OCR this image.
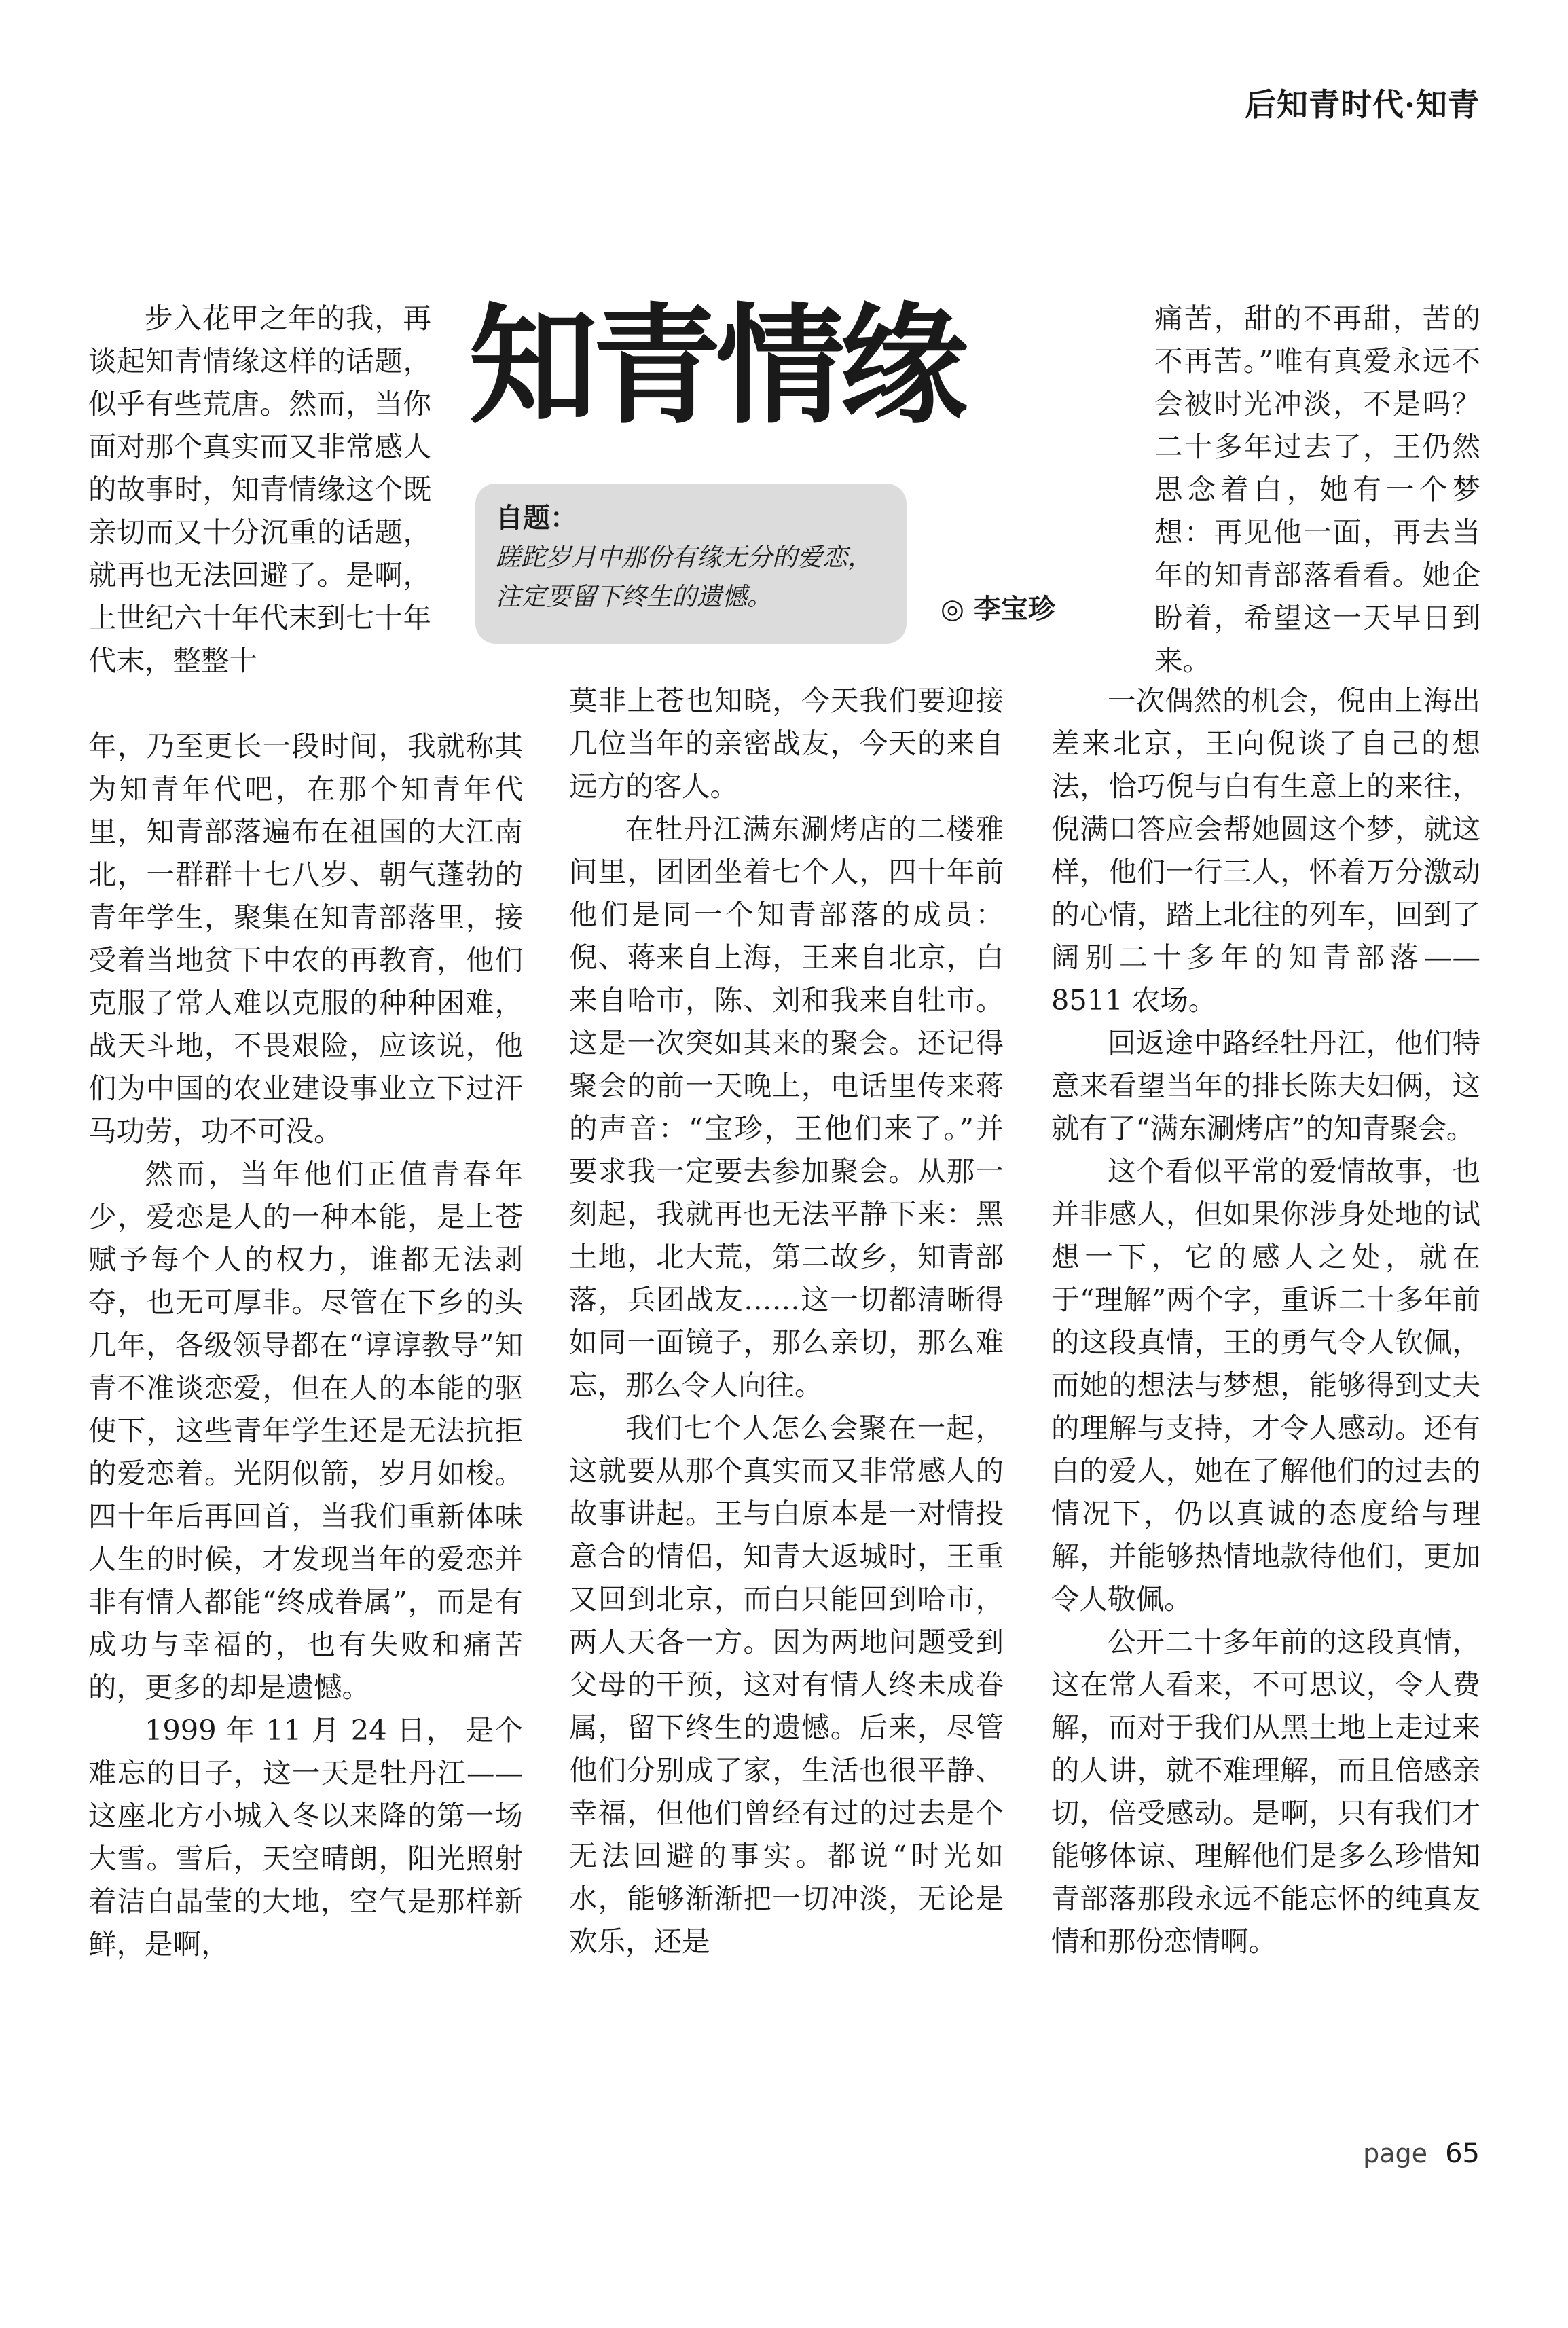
后知青时代·知青
知青情缘
自题：
蹉跎岁月中那份有缘无分的爱恋，注定要留下终生的遗憾。	◎ 李宝珍

步入花甲之年的我，再谈起知青情缘这样的话题，似乎有些荒唐。然而，当你面对那个真实而又非常感人的故事时，知青情缘这个既亲切而又十分沉重的话题，就再也无法回避了。是啊，上世纪六十年代末到七十年代末，整整十

年，乃至更长一段时间，我就称其为知青年代吧，在那个知青年代里，知青部落遍布在祖国的大江南北，一群群十七八岁、朝气蓬勃的青年学生，聚集在知青部落里，接受着当地贫下中农的再教育，他们克服了常人难以克服的种种困难，战天斗地，不畏艰险，应该说，他们为中国的农业建设事业立下过汗马功劳，功不可没。

然而，当年他们正值青春年少，爱恋是人的一种本能，是上苍赋予每个人的权力，谁都无法剥夺，也无可厚非。尽管在下乡的头几年，各级领导都在“谆谆教导”知青不准谈恋爱，但在人的本能的驱使下，这些青年学生还是无法抗拒的爱恋着。光阴似箭，岁月如梭。四十年后再回首，当我们重新体味人生的时候，才发现当年的爱恋并非有情人都能“终成眷属”，而是有成功与幸福的，也有失败和痛苦的，更多的却是遗憾。

1999 年 11 月 24 日， 是个难忘的日子，这一天是牡丹江——这座北方小城入冬以来降的第一场大雪。雪后，天空晴朗，阳光照射着洁白晶莹的大地，空气是那样新鲜，是啊，

莫非上苍也知晓，今天我们要迎接几位当年的亲密战友，今天的来自远方的客人。

在牡丹江满东涮烤店的二楼雅间里，团团坐着七个人，四十年前他们是同一个知青部落的成员：倪、蒋来自上海，王来自北京，白来自哈市，陈、刘和我来自牡市。这是一次突如其来的聚会。还记得聚会的前一天晚上，电话里传来蒋的声音：“宝珍，王他们来了。”并要求我一定要去参加聚会。从那一刻起，我就再也无法平静下来：黑土地，北大荒，第二故乡，知青部落，兵团战友……这一切都清晰得如同一面镜子，那么亲切，那么难忘，那么令人向往。

我们七个人怎么会聚在一起，这就要从那个真实而又非常感人的故事讲起。王与白原本是一对情投意合的情侣，知青大返城时，王重又回到北京，而白只能回到哈市，两人天各一方。因为两地问题受到父母的干预，这对有情人终未成眷属，留下终生的遗憾。后来，尽管他们分别成了家，生活也很平静、幸福，但他们曾经有过的过去是个无法回避的事实。都说“时光如水，能够渐渐把一切冲淡，无论是欢乐，还是

痛苦，甜的不再甜，苦的不再苦。”唯有真爱永远不会被时光冲淡，不是吗？二十多年过去了，王仍然思念着白，她有一个梦想：再见他一面，再去当年的知青部落看看。她企盼着，希望这一天早日到来。

一次偶然的机会，倪由上海出差来北京，王向倪谈了自己的想法，恰巧倪与白有生意上的来往，倪满口答应会帮她圆这个梦，就这样，他们一行三人，怀着万分激动的心情，踏上北往的列车，回到了阔别二十多年的知青部落——8511 农场。

回返途中路经牡丹江，他们特意来看望当年的排长陈夫妇俩，这就有了“满东涮烤店”的知青聚会。

这个看似平常的爱情故事，也并非感人，但如果你涉身处地的试想一下，它的感人之处，就在于“理解”两个字，重诉二十多年前的这段真情，王的勇气令人钦佩，而她的想法与梦想，能够得到丈夫的理解与支持，才令人感动。还有白的爱人，她在了解他们的过去的情况下，仍以真诚的态度给与理解，并能够热情地款待他们，更加令人敬佩。

公开二十多年前的这段真情，这在常人看来，不可思议，令人费解，而对于我们从黑土地上走过来的人讲，就不难理解，而且倍感亲切，倍受感动。是啊，只有我们才能够体谅、理解他们是多么珍惜知青部落那段永远不能忘怀的纯真友情和那份恋情啊。

page 65
